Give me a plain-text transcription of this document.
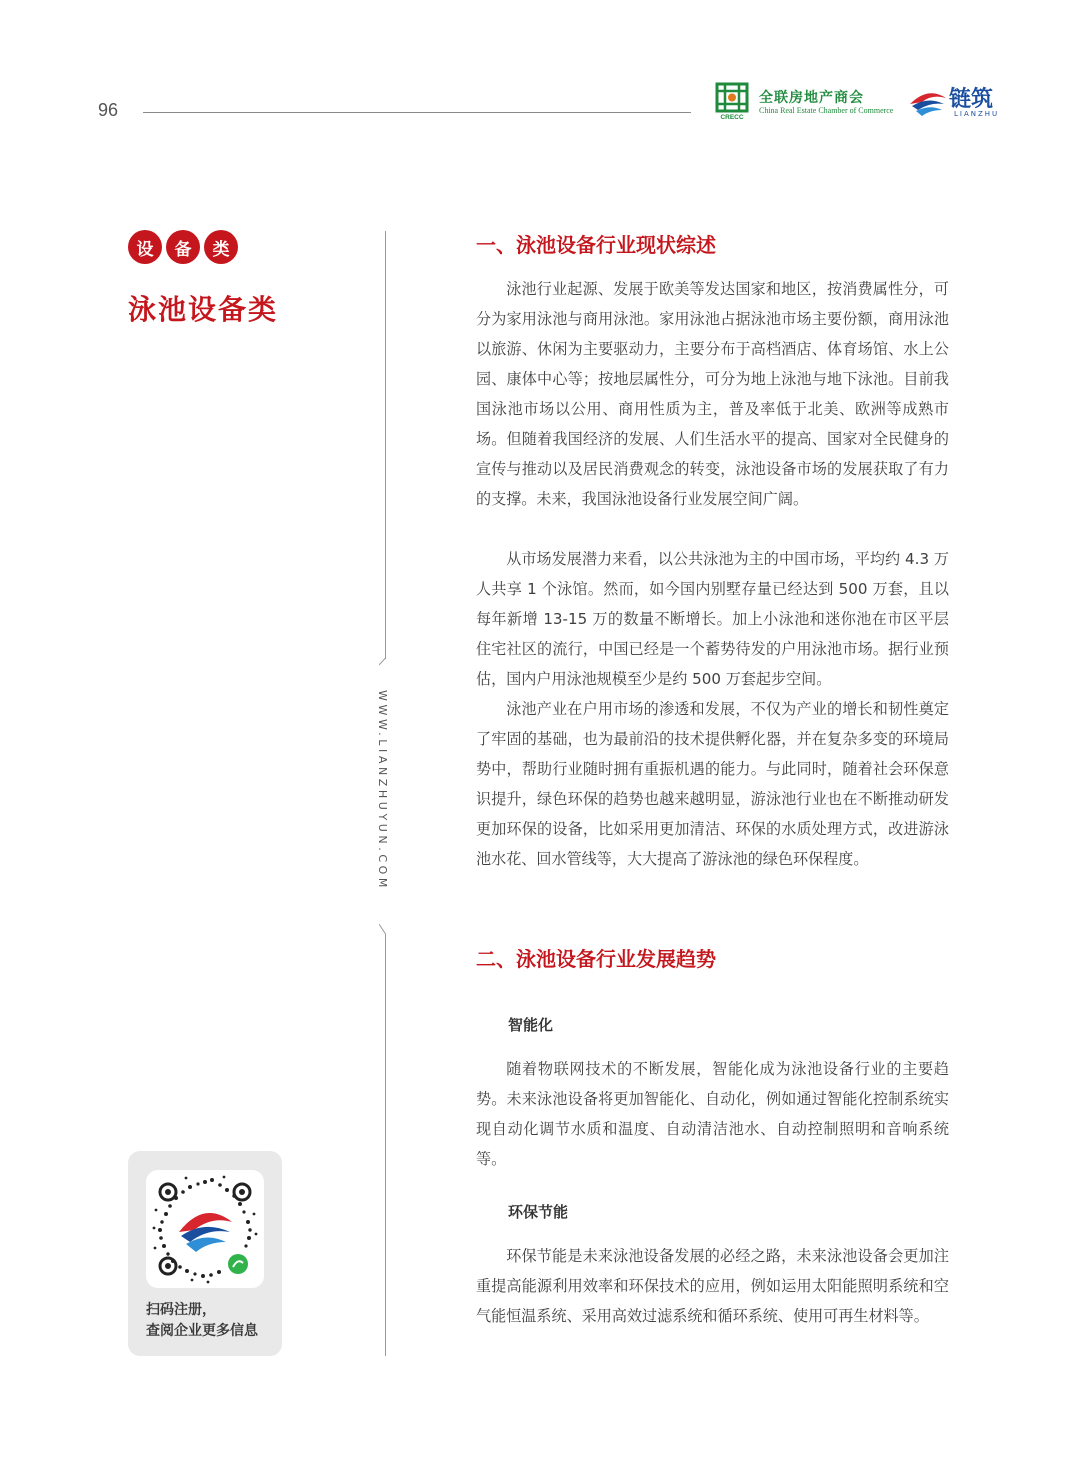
96	CRECC
全联房地产商会
China Real Estate Chamber of Commerce	链筑
LIANZHU
设	备	类
泳池设备类
WWW.LIANZHUYUN.COM
扫码注册，
查阅企业更多信息
一、泳池设备行业现状综述

泳池行业起源、发展于欧美等发达国家和地区，按消费属性分，可分为家用泳池与商用泳池。家用泳池占据泳池市场主要份额，商用泳池以旅游、休闲为主要驱动力，主要分布于高档酒店、体育场馆、水上公园、康体中心等；按地层属性分，可分为地上泳池与地下泳池。目前我国泳池市场以公用、商用性质为主，普及率低于北美、欧洲等成熟市场。但随着我国经济的发展、人们生活水平的提高、国家对全民健身的宣传与推动以及居民消费观念的转变，泳池设备市场的发展获取了有力的支撑。未来，我国泳池设备行业发展空间广阔。

从市场发展潜力来看，以公共泳池为主的中国市场，平均约 4.3 万人共享 1 个泳馆。然而，如今国内别墅存量已经达到 500 万套，且以每年新增 13-15 万的数量不断增长。加上小泳池和迷你池在市区平层住宅社区的流行，中国已经是一个蓄势待发的户用泳池市场。据行业预估，国内户用泳池规模至少是约 500 万套起步空间。

泳池产业在户用市场的渗透和发展，不仅为产业的增长和韧性奠定了牢固的基础，也为最前沿的技术提供孵化器，并在复杂多变的环境局势中，帮助行业随时拥有重振机遇的能力。与此同时，随着社会环保意识提升，绿色环保的趋势也越来越明显，游泳池行业也在不断推动研发更加环保的设备，比如采用更加清洁、环保的水质处理方式，改进游泳池水花、回水管线等，大大提高了游泳池的绿色环保程度。

二、泳池设备行业发展趋势
智能化

随着物联网技术的不断发展，智能化成为泳池设备行业的主要趋势。未来泳池设备将更加智能化、自动化，例如通过智能化控制系统实现自动化调节水质和温度、自动清洁池水、自动控制照明和音响系统等。

环保节能

环保节能是未来泳池设备发展的必经之路，未来泳池设备会更加注重提高能源利用效率和环保技术的应用，例如运用太阳能照明系统和空气能恒温系统、采用高效过滤系统和循环系统、使用可再生材料等。
